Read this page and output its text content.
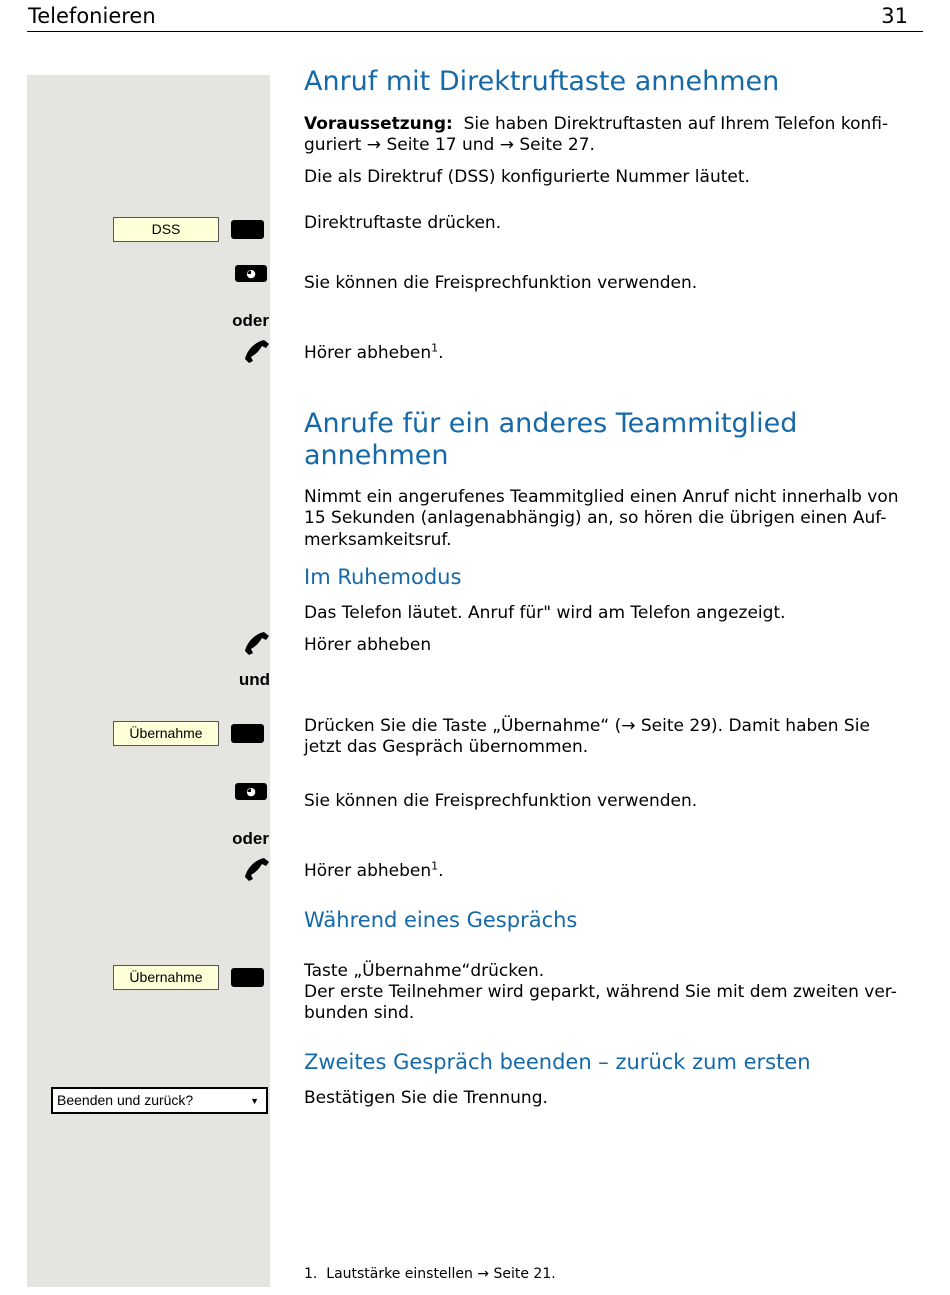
Telefonieren	31
DSS
◕
oder
und
Übernahme
◕
oder
Übernahme
Beenden und zurück?	▼
Anruf mit Direktruftaste annehmen
Voraussetzung: Sie haben Direktruftasten auf Ihrem Telefon konfi-
guriert → Seite 17 und → Seite 27.
Die als Direktruf (DSS) konfigurierte Nummer läutet.
Direktruftaste drücken.
Sie können die Freisprechfunktion verwenden.
Hörer abheben$^1$.
Anrufe für ein anderes Teammitglied
annehmen
Nimmt ein angerufenes Teammitglied einen Anruf nicht innerhalb von
15 Sekunden (anlagenabhängig) an, so hören die übrigen einen Auf-
merksamkeitsruf.
Im Ruhemodus
Das Telefon läutet. Anruf für" wird am Telefon angezeigt.
Hörer abheben
Drücken Sie die Taste „Übernahme“ (→ Seite 29). Damit haben Sie
jetzt das Gespräch übernommen.
Sie können die Freisprechfunktion verwenden.
Hörer abheben$^1$.
Während eines Gesprächs
Taste „Übernahme“drücken.
Der erste Teilnehmer wird geparkt, während Sie mit dem zweiten ver-
bunden sind.
Zweites Gespräch beenden – zurück zum ersten
Bestätigen Sie die Trennung.
1. Lautstärke einstellen → Seite 21.
